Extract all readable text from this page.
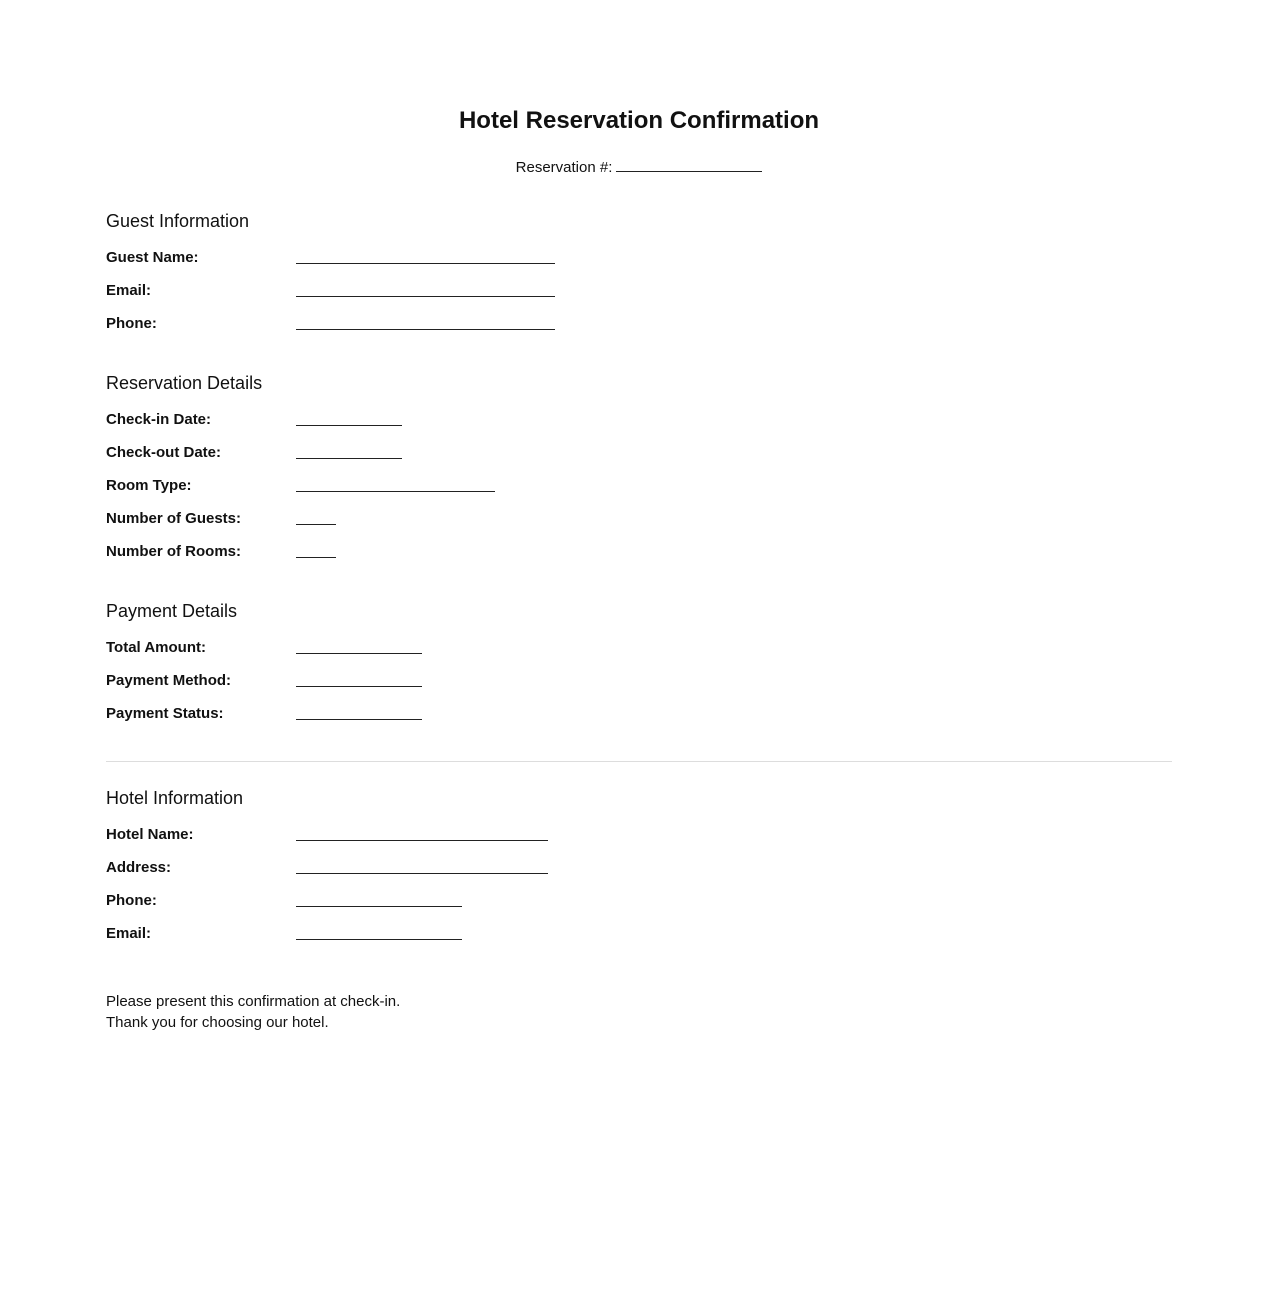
Hotel Reservation Confirmation
Reservation #:
Guest Information
Guest Name:
Email:
Phone:
Reservation Details
Check-in Date:
Check-out Date:
Room Type:
Number of Guests:
Number of Rooms:
Payment Details
Total Amount:
Payment Method:
Payment Status:
Hotel Information
Hotel Name:
Address:
Phone:
Email:
Please present this confirmation at check-in.
Thank you for choosing our hotel.
